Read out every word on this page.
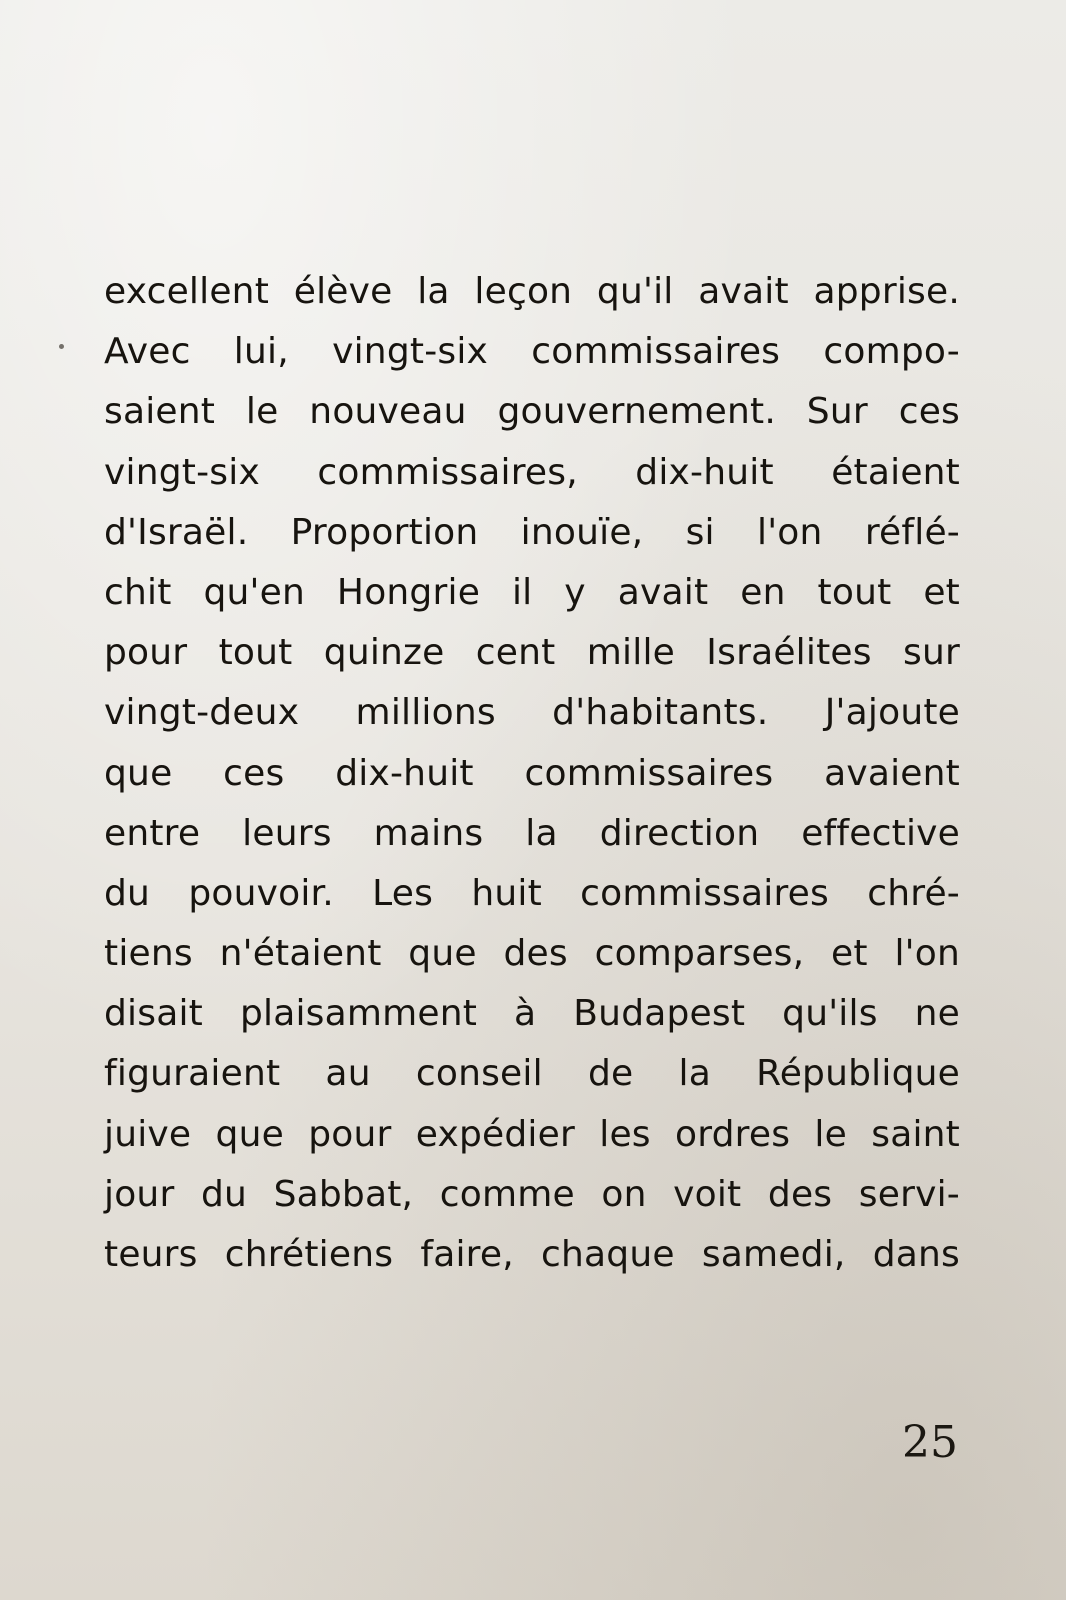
excellent élève la leçon qu'il avait apprise.
Avec lui, vingt-six commissaires compo-
saient le nouveau gouvernement. Sur ces
vingt-six commissaires, dix-huit étaient
d'Israël. Proportion inouïe, si l'on réflé-
chit qu'en Hongrie il y avait en tout et
pour tout quinze cent mille Israélites sur
vingt-deux millions d'habitants. J'ajoute
que ces dix-huit commissaires avaient
entre leurs mains la direction effective
du pouvoir. Les huit commissaires chré-
tiens n'étaient que des comparses, et l'on
disait plaisamment à Budapest qu'ils ne
figuraient au conseil de la République
juive que pour expédier les ordres le saint
jour du Sabbat, comme on voit des servi-
teurs chrétiens faire, chaque samedi, dans
25
